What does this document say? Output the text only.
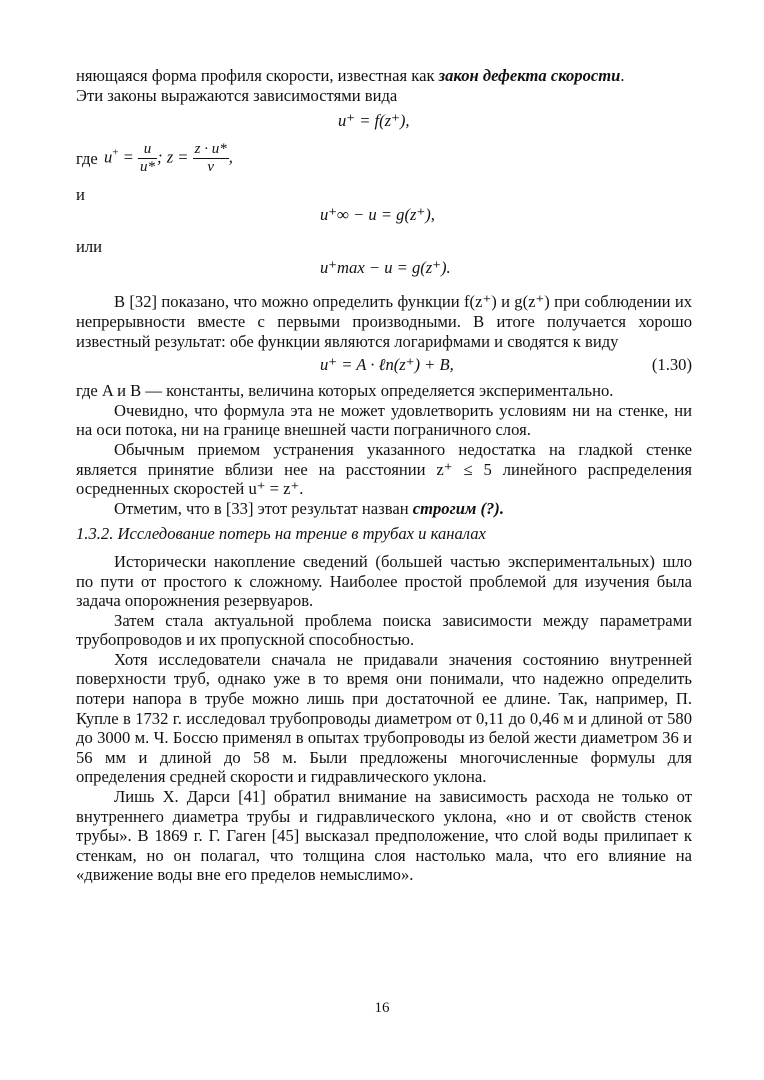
няющаяся форма профиля скорости, известная как закон дефекта скорости.

Эти законы выражаются зависимостями вида

u⁺ = f(z⁺),
где $u^+ = \frac{u}{u*}$ ; $z = \frac{z \cdot u*}{\nu}$ ,

и

u⁺∞ − u = g(z⁺),

или

u⁺max − u = g(z⁺).

В [32] показано, что можно определить функции f(z⁺) и g(z⁺) при соблюдении их непрерывности вместе с первыми производными. В итоге получается хорошо известный результат: обе функции являются логарифмами и сводятся к виду

u⁺ = A · ℓn(z⁺) + B,	(1.30)

где A и B — константы, величина которых определяется экспериментально.

Очевидно, что формула эта не может удовлетворить условиям ни на стенке, ни на оси потока, ни на границе внешней части пограничного слоя.

Обычным приемом устранения указанного недостатка на гладкой стенке является принятие вблизи нее на расстоянии z⁺ ≤ 5 линейного распределения осредненных скоростей u⁺ = z⁺.

Отметим, что в [33] этот результат назван строгим (?).

1.3.2. Исследование потерь на трение в трубах и каналах

Исторически накопление сведений (большей частью экспериментальных) шло по пути от простого к сложному. Наиболее простой проблемой для изучения была задача опорожнения резервуаров.

Затем стала актуальной проблема поиска зависимости между параметрами трубопроводов и их пропускной способностью.

Хотя исследователи сначала не придавали значения состоянию внутренней поверхности труб, однако уже в то время они понимали, что надежно определить потери напора в трубе можно лишь при достаточной ее длине. Так, например, П. Купле в 1732 г. исследовал трубопроводы диаметром от 0,11 до 0,46 м и длиной от 580 до 3000 м. Ч. Боссю применял в опытах трубопроводы из белой жести диаметром 36 и 56 мм и длиной до 58 м. Были предложены многочисленные формулы для определения средней скорости и гидравлического уклона.

Лишь Х. Дарси [41] обратил внимание на зависимость расхода не только от внутреннего диаметра трубы и гидравлического уклона, «но и от свойств стенок трубы». В 1869 г. Г. Гаген [45] высказал предположение, что слой воды прилипает к стенкам, но он полагал, что толщина слоя настолько мала, что его влияние на «движение воды вне его пределов немыслимо».

16
